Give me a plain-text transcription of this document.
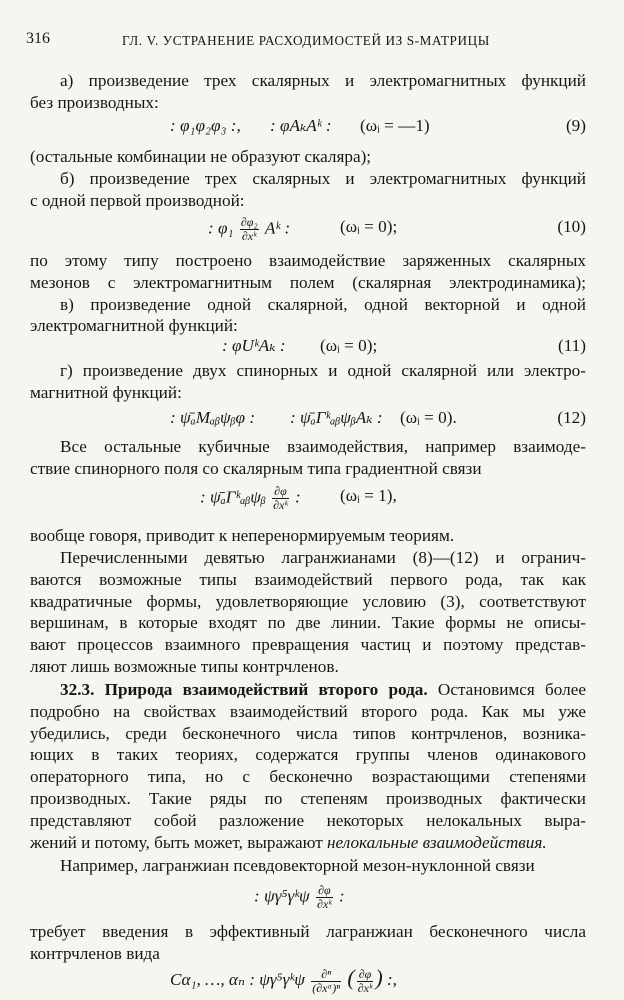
316	ГЛ. V. УСТРАНЕНИЕ РАСХОДИМОСТЕЙ ИЗ S-МАТРИЦЫ
а) произведение трех скалярных и электромагнитных функций
без производных:
: φ₁φ₂φ₃ :, : φAₖAᵏ : (ωᵢ = —1)	(9)
(остальные комбинации не образуют скаляра);
б) произведение трех скалярных и электромагнитных функций
с одной первой производной:
: $\varphi_1 \frac{\text{∂φ₂}}{\text{∂xᵏ}}$ Aᵏ :	(ωᵢ = 0);	(10)
по этому типу построено взаимодействие заряженных скалярных
мезонов с электромагнитным полем (скалярная электродинамика);
в) произведение одной скалярной, одной векторной и одной
электромагнитной функций:
: φUᵏAₖ : (ωᵢ = 0);	(11)
г) произведение двух спинорных и одной скалярной или электро-
магнитной функций:
: ψ̄ₐMₐᵦψᵦφ : : ψ̄ₐΓᵏₐᵦψᵦAₖ : (ωᵢ = 0).	(12)
Все остальные кубичные взаимодействия, например взаимоде-
ствие спинорного поля со скалярным типа градиентной связи
: ψ̄ₐΓᵏₐᵦψᵦ $\frac{\partial\varphi}{\text{∂xᵏ}}$ : (ωᵢ = 1),
вообще говоря, приводит к неперенормируемым теориям.
Перечисленными девятью лагранжианами (8)—(12) и огранич-
ваются возможные типы взаимодействий первого рода, так как
квадратичные формы, удовлетворяющие условию (3), соответствуют
вершинам, в которые входят по две линии. Такие формы не описы-
вают процессов взаимного превращения частиц и поэтому представ-
ляют лишь возможные типы контрчленов.
32.3. Природа взаимодействий второго рода. Остановимся более
подробно на свойствах взаимодействий второго рода. Как мы уже
убедились, среди бесконечного числа типов контрчленов, возника-
ющих в таких теориях, содержатся группы членов одинакового
операторного типа, но с бесконечно возрастающими степенями
производных. Такие ряды по степеням производных фактически
представляют собой разложение некоторых нелокальных выра-
жений и потому, быть может, выражают нелокальные взаимодействия.
Например, лагранжиан псевдовекторной мезон-нуклонной связи
: ψγ⁵γᵏψ $\frac{\partial\varphi}{\text{∂xᵏ}}$ :
требует введения в эффективный лагранжиан бесконечного числа
контрчленов вида
Cα₁, …, αₙ : ψγ⁵γᵏψ $\frac{\text{∂ⁿ}}{\text{(∂xᵅ)ⁿ}}$ ( $\frac{\partial\varphi}{\text{∂xᵏ}}$ ) :,
